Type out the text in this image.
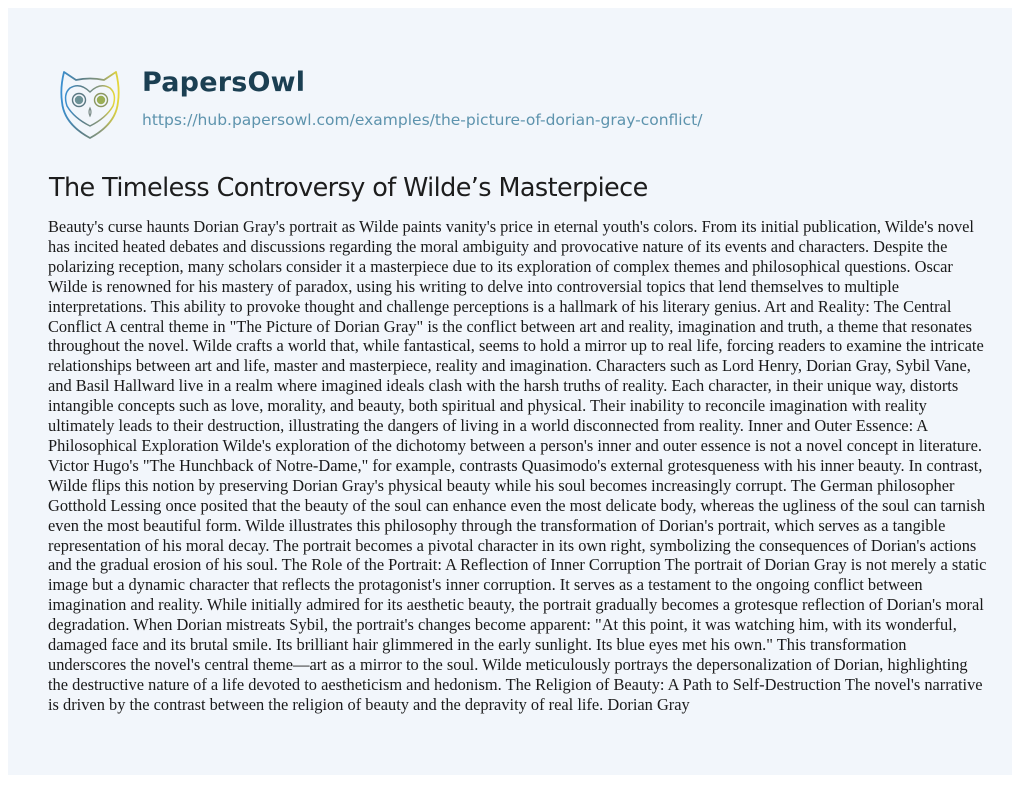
PapersOwl
https://hub.papersowl.com/examples/the-picture-of-dorian-gray-conflict/
The Timeless Controversy of Wilde’s Masterpiece

Beauty's curse haunts Dorian Gray's portrait as Wilde paints vanity's price in eternal youth's colors. From its initial publication, Wilde's novel has incited heated debates and discussions regarding the moral ambiguity and provocative nature of its events and characters. Despite the polarizing reception, many scholars consider it a masterpiece due to its exploration of complex themes and philosophical questions. Oscar Wilde is renowned for his mastery of paradox, using his writing to delve into controversial topics that lend themselves to multiple interpretations. This ability to provoke thought and challenge perceptions is a hallmark of his literary genius. Art and Reality: The Central Conflict A central theme in "The Picture of Dorian Gray" is the conflict between art and reality, imagination and truth, a theme that resonates throughout the novel. Wilde crafts a world that, while fantastical, seems to hold a mirror up to real life, forcing readers to examine the intricate relationships between art and life, master and masterpiece, reality and imagination. Characters such as Lord Henry, Dorian Gray, Sybil Vane, and Basil Hallward live in a realm where imagined ideals clash with the harsh truths of reality. Each character, in their unique way, distorts intangible concepts such as love, morality, and beauty, both spiritual and physical. Their inability to reconcile imagination with reality ultimately leads to their destruction, illustrating the dangers of living in a world disconnected from reality. Inner and Outer Essence: A Philosophical Exploration Wilde's exploration of the dichotomy between a person's inner and outer essence is not a novel concept in literature. Victor Hugo's "The Hunchback of Notre-Dame," for example, contrasts Quasimodo's external grotesqueness with his inner beauty. In contrast, Wilde flips this notion by preserving Dorian Gray's physical beauty while his soul becomes increasingly corrupt. The German philosopher Gotthold Lessing once posited that the beauty of the soul can enhance even the most delicate body, whereas the ugliness of the soul can tarnish even the most beautiful form. Wilde illustrates this philosophy through the transformation of Dorian's portrait, which serves as a tangible representation of his moral decay. The portrait becomes a pivotal character in its own right, symbolizing the consequences of Dorian's actions and the gradual erosion of his soul. The Role of the Portrait: A Reflection of Inner Corruption The portrait of Dorian Gray is not merely a static image but a dynamic character that reflects the protagonist's inner corruption. It serves as a testament to the ongoing conflict between imagination and reality. While initially admired for its aesthetic beauty, the portrait gradually becomes a grotesque reflection of Dorian's moral degradation. When Dorian mistreats Sybil, the portrait's changes become apparent: "At this point, it was watching him, with its wonderful, damaged face and its brutal smile. Its brilliant hair glimmered in the early sunlight. Its blue eyes met his own." This transformation underscores the novel's central theme—art as a mirror to the soul. Wilde meticulously portrays the depersonalization of Dorian, highlighting the destructive nature of a life devoted to aestheticism and hedonism. The Religion of Beauty: A Path to Self-Destruction The novel's narrative is driven by the contrast between the religion of beauty and the depravity of real life. Dorian Gray
